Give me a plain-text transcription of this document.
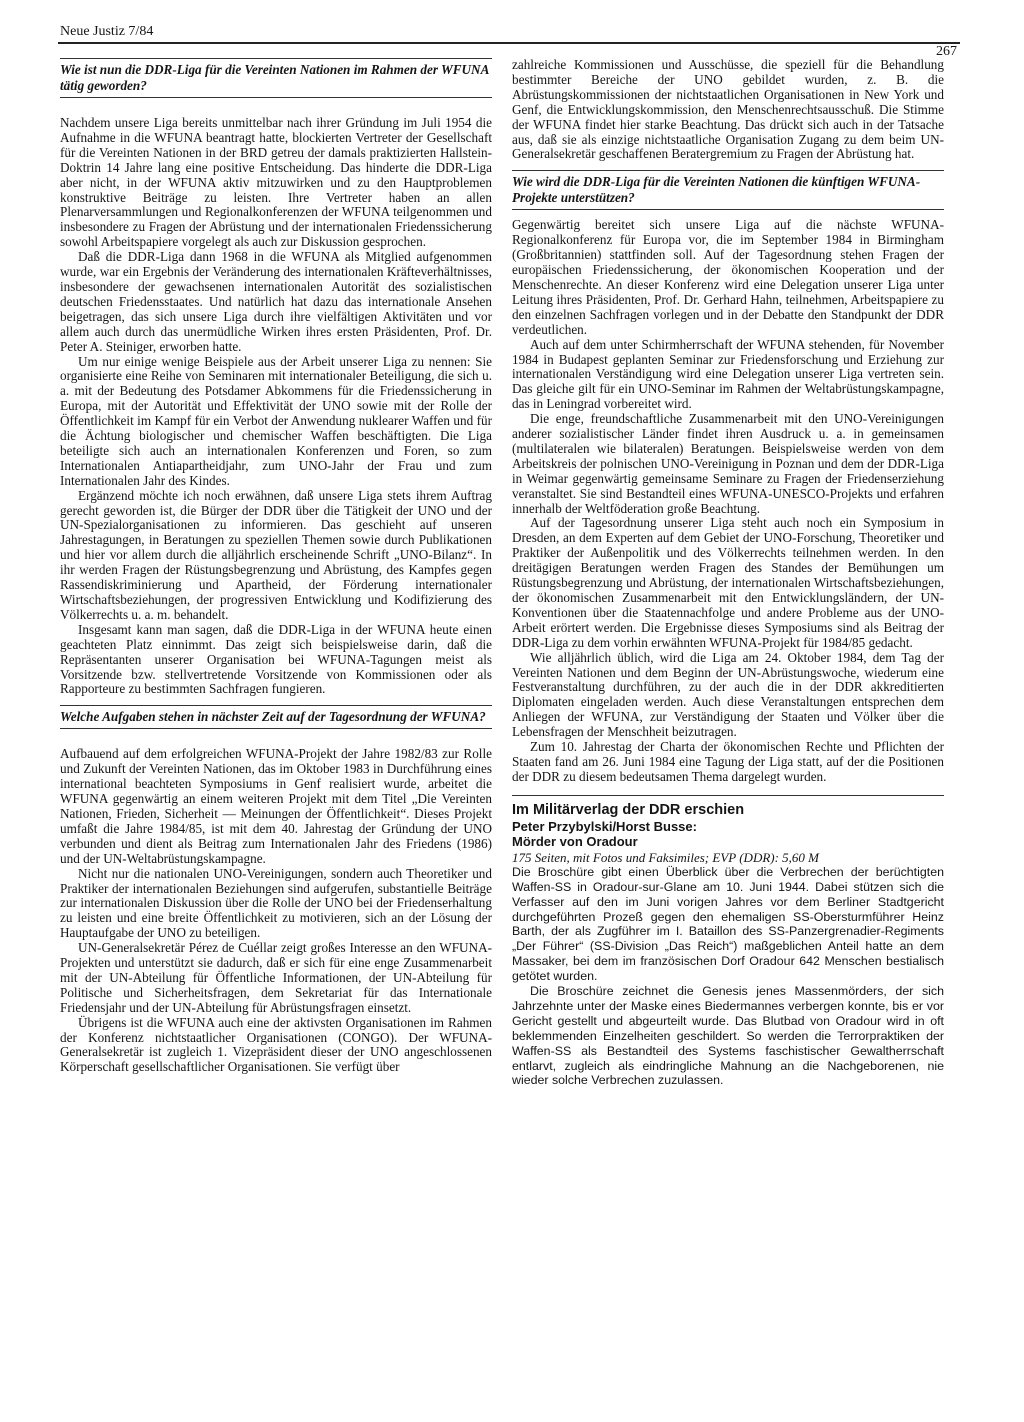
Neue Justiz 7/84
267
Wie ist nun die DDR-Liga für die Vereinten Nationen im Rahmen der WFUNA tätig geworden?

Nachdem unsere Liga bereits unmittelbar nach ihrer Gründung im Juli 1954 die Aufnahme in die WFUNA beantragt hatte, blockierten Vertreter der Gesellschaft für die Vereinten Nationen in der BRD getreu der damals praktizierten Hallstein-Doktrin 14 Jahre lang eine positive Entscheidung. Das hinderte die DDR-Liga aber nicht, in der WFUNA aktiv mitzuwirken und zu den Hauptproblemen konstruktive Beiträge zu leisten. Ihre Vertreter haben an allen Plenarversammlungen und Regionalkonferenzen der WFUNA teilgenommen und insbesondere zu Fragen der Abrüstung und der internationalen Friedenssicherung sowohl Arbeitspapiere vorgelegt als auch zur Diskussion gesprochen.

Daß die DDR-Liga dann 1968 in die WFUNA als Mitglied aufgenommen wurde, war ein Ergebnis der Veränderung des internationalen Kräfteverhältnisses, insbesondere der gewachsenen internationalen Autorität des sozialistischen deutschen Friedensstaates. Und natürlich hat dazu das internationale Ansehen beigetragen, das sich unsere Liga durch ihre vielfältigen Aktivitäten und vor allem auch durch das unermüdliche Wirken ihres ersten Präsidenten, Prof. Dr. Peter A. Steiniger, erworben hatte.

Um nur einige wenige Beispiele aus der Arbeit unserer Liga zu nennen: Sie organisierte eine Reihe von Seminaren mit internationaler Beteiligung, die sich u. a. mit der Bedeutung des Potsdamer Abkommens für die Friedenssicherung in Europa, mit der Autorität und Effektivität der UNO sowie mit der Rolle der Öffentlichkeit im Kampf für ein Verbot der Anwendung nuklearer Waffen und für die Ächtung biologischer und chemischer Waffen beschäftigten. Die Liga beteiligte sich auch an internationalen Konferenzen und Foren, so zum Internationalen Antiapartheidjahr, zum UNO-Jahr der Frau und zum Internationalen Jahr des Kindes.

Ergänzend möchte ich noch erwähnen, daß unsere Liga stets ihrem Auftrag gerecht geworden ist, die Bürger der DDR über die Tätigkeit der UNO und der UN-Spezialorganisationen zu informieren. Das geschieht auf unseren Jahrestagungen, in Beratungen zu speziellen Themen sowie durch Publikationen und hier vor allem durch die alljährlich erscheinende Schrift „UNO-Bilanz“. In ihr werden Fragen der Rüstungsbegrenzung und Abrüstung, des Kampfes gegen Rassendiskriminierung und Apartheid, der Förderung internationaler Wirtschaftsbeziehungen, der progressiven Entwicklung und Kodifizierung des Völkerrechts u. a. m. behandelt.

Insgesamt kann man sagen, daß die DDR-Liga in der WFUNA heute einen geachteten Platz einnimmt. Das zeigt sich beispielsweise darin, daß die Repräsentanten unserer Organisation bei WFUNA-Tagungen meist als Vorsitzende bzw. stellvertretende Vorsitzende von Kommissionen oder als Rapporteure zu bestimmten Sachfragen fungieren.

Welche Aufgaben stehen in nächster Zeit auf der Tagesordnung der WFUNA?

Aufbauend auf dem erfolgreichen WFUNA-Projekt der Jahre 1982/83 zur Rolle und Zukunft der Vereinten Nationen, das im Oktober 1983 in Durchführung eines international beachteten Symposiums in Genf realisiert wurde, arbeitet die WFUNA gegenwärtig an einem weiteren Projekt mit dem Titel „Die Vereinten Nationen, Frieden, Sicherheit — Meinungen der Öffentlichkeit“. Dieses Projekt umfaßt die Jahre 1984/85, ist mit dem 40. Jahrestag der Gründung der UNO verbunden und dient als Beitrag zum Internationalen Jahr des Friedens (1986) und der UN-Weltabrüstungskampagne.

Nicht nur die nationalen UNO-Vereinigungen, sondern auch Theoretiker und Praktiker der internationalen Beziehungen sind aufgerufen, substantielle Beiträge zur internationalen Diskussion über die Rolle der UNO bei der Friedenserhaltung zu leisten und eine breite Öffentlichkeit zu motivieren, sich an der Lösung der Hauptaufgabe der UNO zu beteiligen.

UN-Generalsekretär Pérez de Cuéllar zeigt großes Interesse an den WFUNA-Projekten und unterstützt sie dadurch, daß er sich für eine enge Zusammenarbeit mit der UN-Abteilung für Öffentliche Informationen, der UN-Abteilung für Politische und Sicherheitsfragen, dem Sekretariat für das Internationale Friedensjahr und der UN-Abteilung für Abrüstungsfragen einsetzt.

Übrigens ist die WFUNA auch eine der aktivsten Organisationen im Rahmen der Konferenz nichtstaatlicher Organisationen (CONGO). Der WFUNA-Generalsekretär ist zugleich 1. Vizepräsident dieser der UNO angeschlossenen Körperschaft gesellschaftlicher Organisationen. Sie verfügt über

zahlreiche Kommissionen und Ausschüsse, die speziell für die Behandlung bestimmter Bereiche der UNO gebildet wurden, z. B. die Abrüstungskommissionen der nichtstaatlichen Organisationen in New York und Genf, die Entwicklungskommission, den Menschenrechtsausschuß. Die Stimme der WFUNA findet hier starke Beachtung. Das drückt sich auch in der Tatsache aus, daß sie als einzige nichtstaatliche Organisation Zugang zu dem beim UN-Generalsekretär geschaffenen Beratergremium zu Fragen der Abrüstung hat.

Wie wird die DDR-Liga für die Vereinten Nationen die künftigen WFUNA-Projekte unterstützen?

Gegenwärtig bereitet sich unsere Liga auf die nächste WFUNA-Regionalkonferenz für Europa vor, die im September 1984 in Birmingham (Großbritannien) stattfinden soll. Auf der Tagesordnung stehen Fragen der europäischen Friedenssicherung, der ökonomischen Kooperation und der Menschenrechte. An dieser Konferenz wird eine Delegation unserer Liga unter Leitung ihres Präsidenten, Prof. Dr. Gerhard Hahn, teilnehmen, Arbeitspapiere zu den einzelnen Sachfragen vorlegen und in der Debatte den Standpunkt der DDR verdeutlichen.

Auch auf dem unter Schirmherrschaft der WFUNA stehenden, für November 1984 in Budapest geplanten Seminar zur Friedensforschung und Erziehung zur internationalen Verständigung wird eine Delegation unserer Liga vertreten sein. Das gleiche gilt für ein UNO-Seminar im Rahmen der Weltabrüstungskampagne, das in Leningrad vorbereitet wird.

Die enge, freundschaftliche Zusammenarbeit mit den UNO-Vereinigungen anderer sozialistischer Länder findet ihren Ausdruck u. a. in gemeinsamen (multilateralen wie bilateralen) Beratungen. Beispielsweise werden von dem Arbeitskreis der polnischen UNO-Vereinigung in Poznan und dem der DDR-Liga in Weimar gegenwärtig gemeinsame Seminare zu Fragen der Friedenserziehung veranstaltet. Sie sind Bestandteil eines WFUNA-UNESCO-Projekts und erfahren innerhalb der Weltföderation große Beachtung.

Auf der Tagesordnung unserer Liga steht auch noch ein Symposium in Dresden, an dem Experten auf dem Gebiet der UNO-Forschung, Theoretiker und Praktiker der Außenpolitik und des Völkerrechts teilnehmen werden. In den dreitägigen Beratungen werden Fragen des Standes der Bemühungen um Rüstungsbegrenzung und Abrüstung, der internationalen Wirtschaftsbeziehungen, der ökonomischen Zusammenarbeit mit den Entwicklungsländern, der UN-Konventionen über die Staatennachfolge und andere Probleme aus der UNO-Arbeit erörtert werden. Die Ergebnisse dieses Symposiums sind als Beitrag der DDR-Liga zu dem vorhin erwähnten WFUNA-Projekt für 1984/85 gedacht.

Wie alljährlich üblich, wird die Liga am 24. Oktober 1984, dem Tag der Vereinten Nationen und dem Beginn der UN-Abrüstungswoche, wiederum eine Festveranstaltung durchführen, zu der auch die in der DDR akkreditierten Diplomaten eingeladen werden. Auch diese Veranstaltungen entsprechen dem Anliegen der WFUNA, zur Verständigung der Staaten und Völker über die Lebensfragen der Menschheit beizutragen.

Zum 10. Jahrestag der Charta der ökonomischen Rechte und Pflichten der Staaten fand am 26. Juni 1984 eine Tagung der Liga statt, auf der die Positionen der DDR zu diesem bedeutsamen Thema dargelegt wurden.

Im Militärverlag der DDR erschien

Peter Przybylski/Horst Busse:

Mörder von Oradour

175 Seiten, mit Fotos und Faksimiles; EVP (DDR): 5,60 M

Die Broschüre gibt einen Überblick über die Verbrechen der berüchtigten Waffen-SS in Oradour-sur-Glane am 10. Juni 1944. Dabei stützen sich die Verfasser auf den im Juni vorigen Jahres vor dem Berliner Stadtgericht durchgeführten Prozeß gegen den ehemaligen SS-Obersturmführer Heinz Barth, der als Zugführer im I. Bataillon des SS-Panzergrenadier-Regiments „Der Führer“ (SS-Division „Das Reich“) maßgeblichen Anteil hatte an dem Massaker, bei dem im französischen Dorf Oradour 642 Menschen bestialisch getötet wurden.

Die Broschüre zeichnet die Genesis jenes Massenmörders, der sich Jahrzehnte unter der Maske eines Biedermannes verbergen konnte, bis er vor Gericht gestellt und abgeurteilt wurde. Das Blutbad von Oradour wird in oft beklemmenden Einzelheiten geschildert. So werden die Terrorpraktiken der Waffen-SS als Bestandteil des Systems faschistischer Gewaltherrschaft entlarvt, zugleich als eindringliche Mahnung an die Nachgeborenen, nie wieder solche Verbrechen zuzulassen.
